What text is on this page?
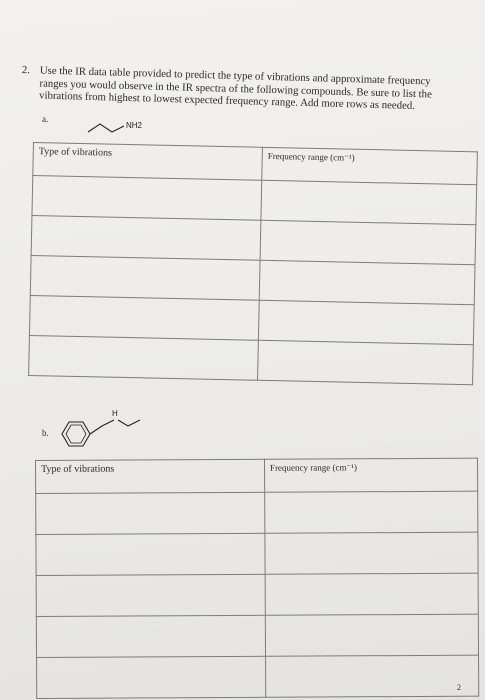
2. Use the IR data table provided to predict the type of vibrations and approximate frequency ranges you would observe in the IR spectra of the following compounds. Be sure to list the vibrations from highest to lowest expected frequency range. Add more rows as needed.
a.
NH2
Type of vibrations	Frequency range (cm⁻¹)

H
b.
Type of vibrations	Frequency range (cm⁻¹)

2
